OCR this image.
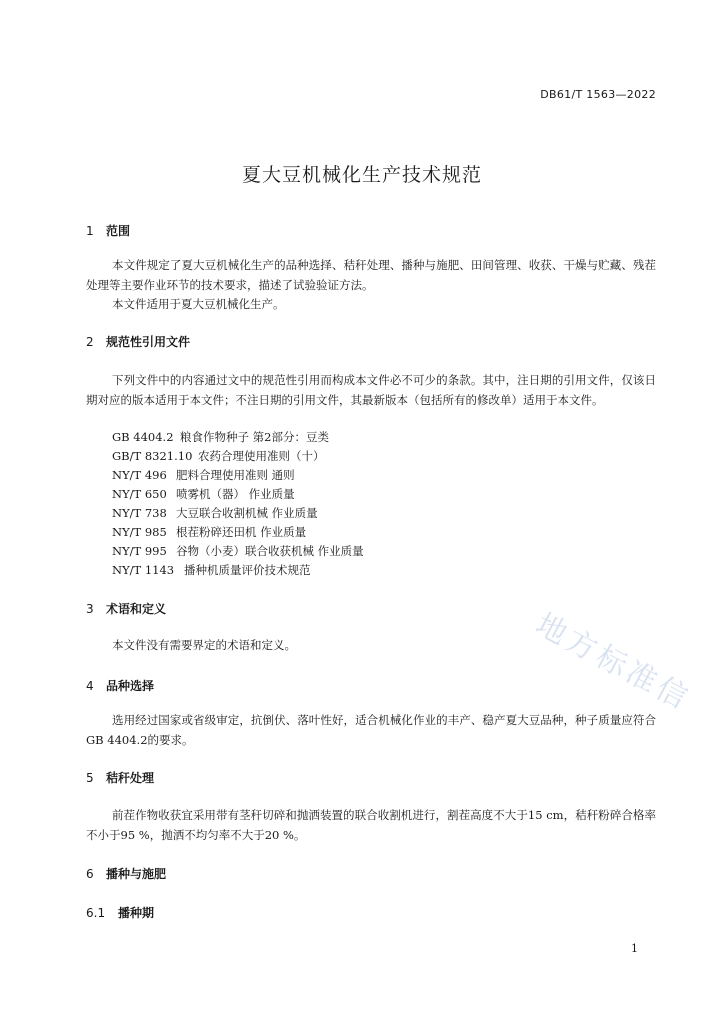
DB61/T 1563—2022
夏大豆机械化生产技术规范
1 范围
本文件规定了夏大豆机械化生产的品种选择、秸秆处理、播种与施肥、田间管理、收获、干燥与贮藏、残茬处理等主要作业环节的技术要求，描述了试验验证方法。
本文件适用于夏大豆机械化生产。
2 规范性引用文件
下列文件中的内容通过文中的规范性引用而构成本文件必不可少的条款。其中，注日期的引用文件，仅该日期对应的版本适用于本文件；不注日期的引用文件，其最新版本（包括所有的修改单）适用于本文件。
GB 4404.2 粮食作物种子 第2部分：豆类
GB/T 8321.10 农药合理使用准则（十）
NY/T 496 肥料合理使用准则 通则
NY/T 650 喷雾机（器） 作业质量
NY/T 738 大豆联合收割机械 作业质量
NY/T 985 根茬粉碎还田机 作业质量
NY/T 995 谷物（小麦）联合收获机械 作业质量
NY/T 1143 播种机质量评价技术规范
3 术语和定义
本文件没有需要界定的术语和定义。
4 品种选择
选用经过国家或省级审定，抗倒伏、落叶性好，适合机械化作业的丰产、稳产夏大豆品种，种子质量应符合GB 4404.2的要求。
5 秸秆处理
前茬作物收获宜采用带有茎秆切碎和抛洒装置的联合收割机进行，割茬高度不大于15 cm，秸秆粉碎合格率不小于95 %，抛洒不均匀率不大于20 %。
6 播种与施肥
6.1 播种期
1
地方标准信
